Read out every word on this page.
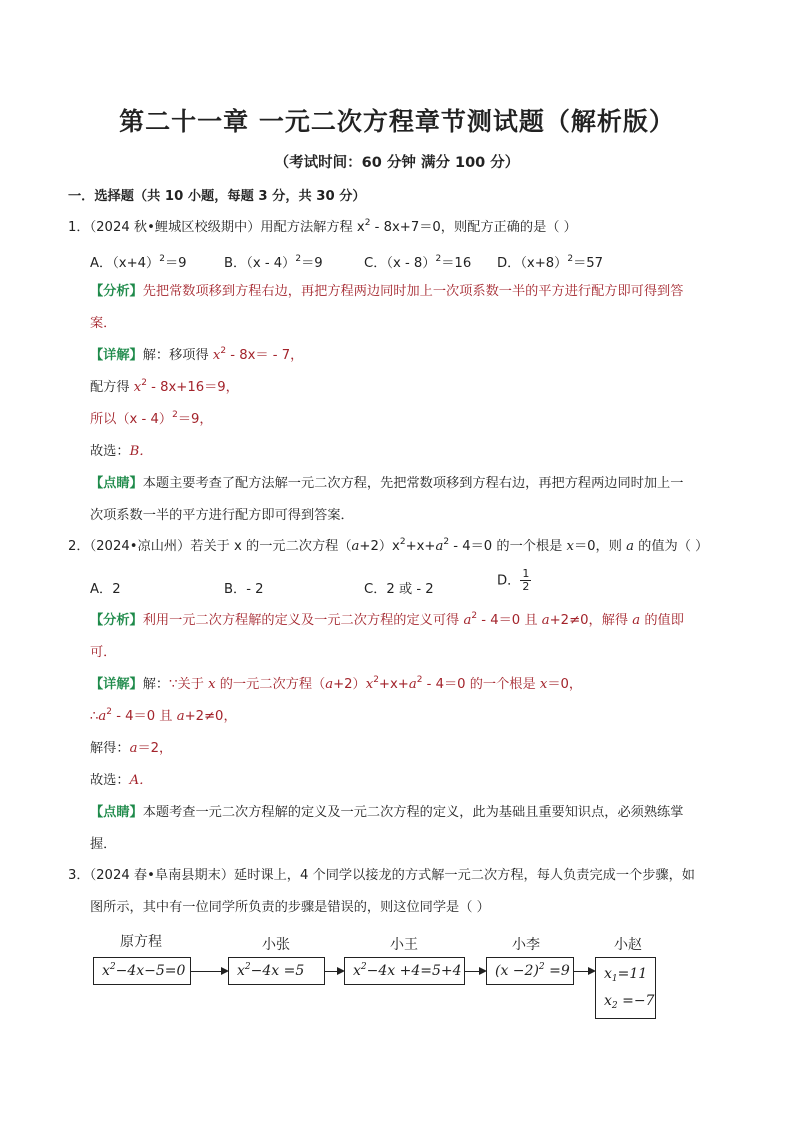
第二十一章 一元二次方程章节测试题（解析版）
（考试时间：60 分钟 满分 100 分）
一．选择题（共 10 小题，每题 3 分，共 30 分）
1．（2024 秋•鲤城区校级期中）用配方法解方程 $x^2 - 8x+7=0$，则配方正确的是（ ）
A．$(x+4)^2=9$	B．（x - 4）$^2$＝9	C．（x - 8）$^2$＝16 D．$(x+8)^2=57$
【分析】先把常数项移到方程右边，再把方程两边同时加上一次项系数一半的平方进行配方即可得到答
案．
【详解】解：移项得 $x^2 - 8x= - 7$，
配方得 $x^2 - 8x+16=9$，
所以（x - 4）$^2$＝9，
故选：B．
【点睛】本题主要考查了配方法解一元二次方程，先把常数项移到方程右边，再把方程两边同时加上一
次项系数一半的平方进行配方即可得到答案．
2．（2024•凉山州）若关于 x 的一元二次方程$(a+2)x^2+x+a^2 - 4=0$ 的一个根是 x＝0，则 a 的值为（ ）
A．2	B．- 2	C．2 或 - 2
D． $\frac{1}{2}$
【分析】利用一元二次方程解的定义及一元二次方程的定义可得 $a^2 - 4=0$ 且 a+2≠0，解得 a 的值即
可．
【详解】解：∵关于 x 的一元二次方程$(a+2)x^2+x+a^2 - 4=0$ 的一个根是 x＝0，
$\therefore a^2 - 4=0$ 且 a+2≠0，
解得：a＝2，
故选：A．
【点睛】本题考查一元二次方程解的定义及一元二次方程的定义，此为基础且重要知识点，必须熟练掌
握．
3．（2024 春•阜南县期末）延时课上，4 个同学以接龙的方式解一元二次方程，每人负责完成一个步骤，如
图所示，其中有一位同学所负责的步骤是错误的，则这位同学是（ ）
原方程	小张	小王	小李	小赵
$x^2-4x-5=0$	$x^2-4x =5$	$x^2-4x +4=5+4$	$(x -2)^2 =9$	$x_1=11$
$x_2 =-7$
